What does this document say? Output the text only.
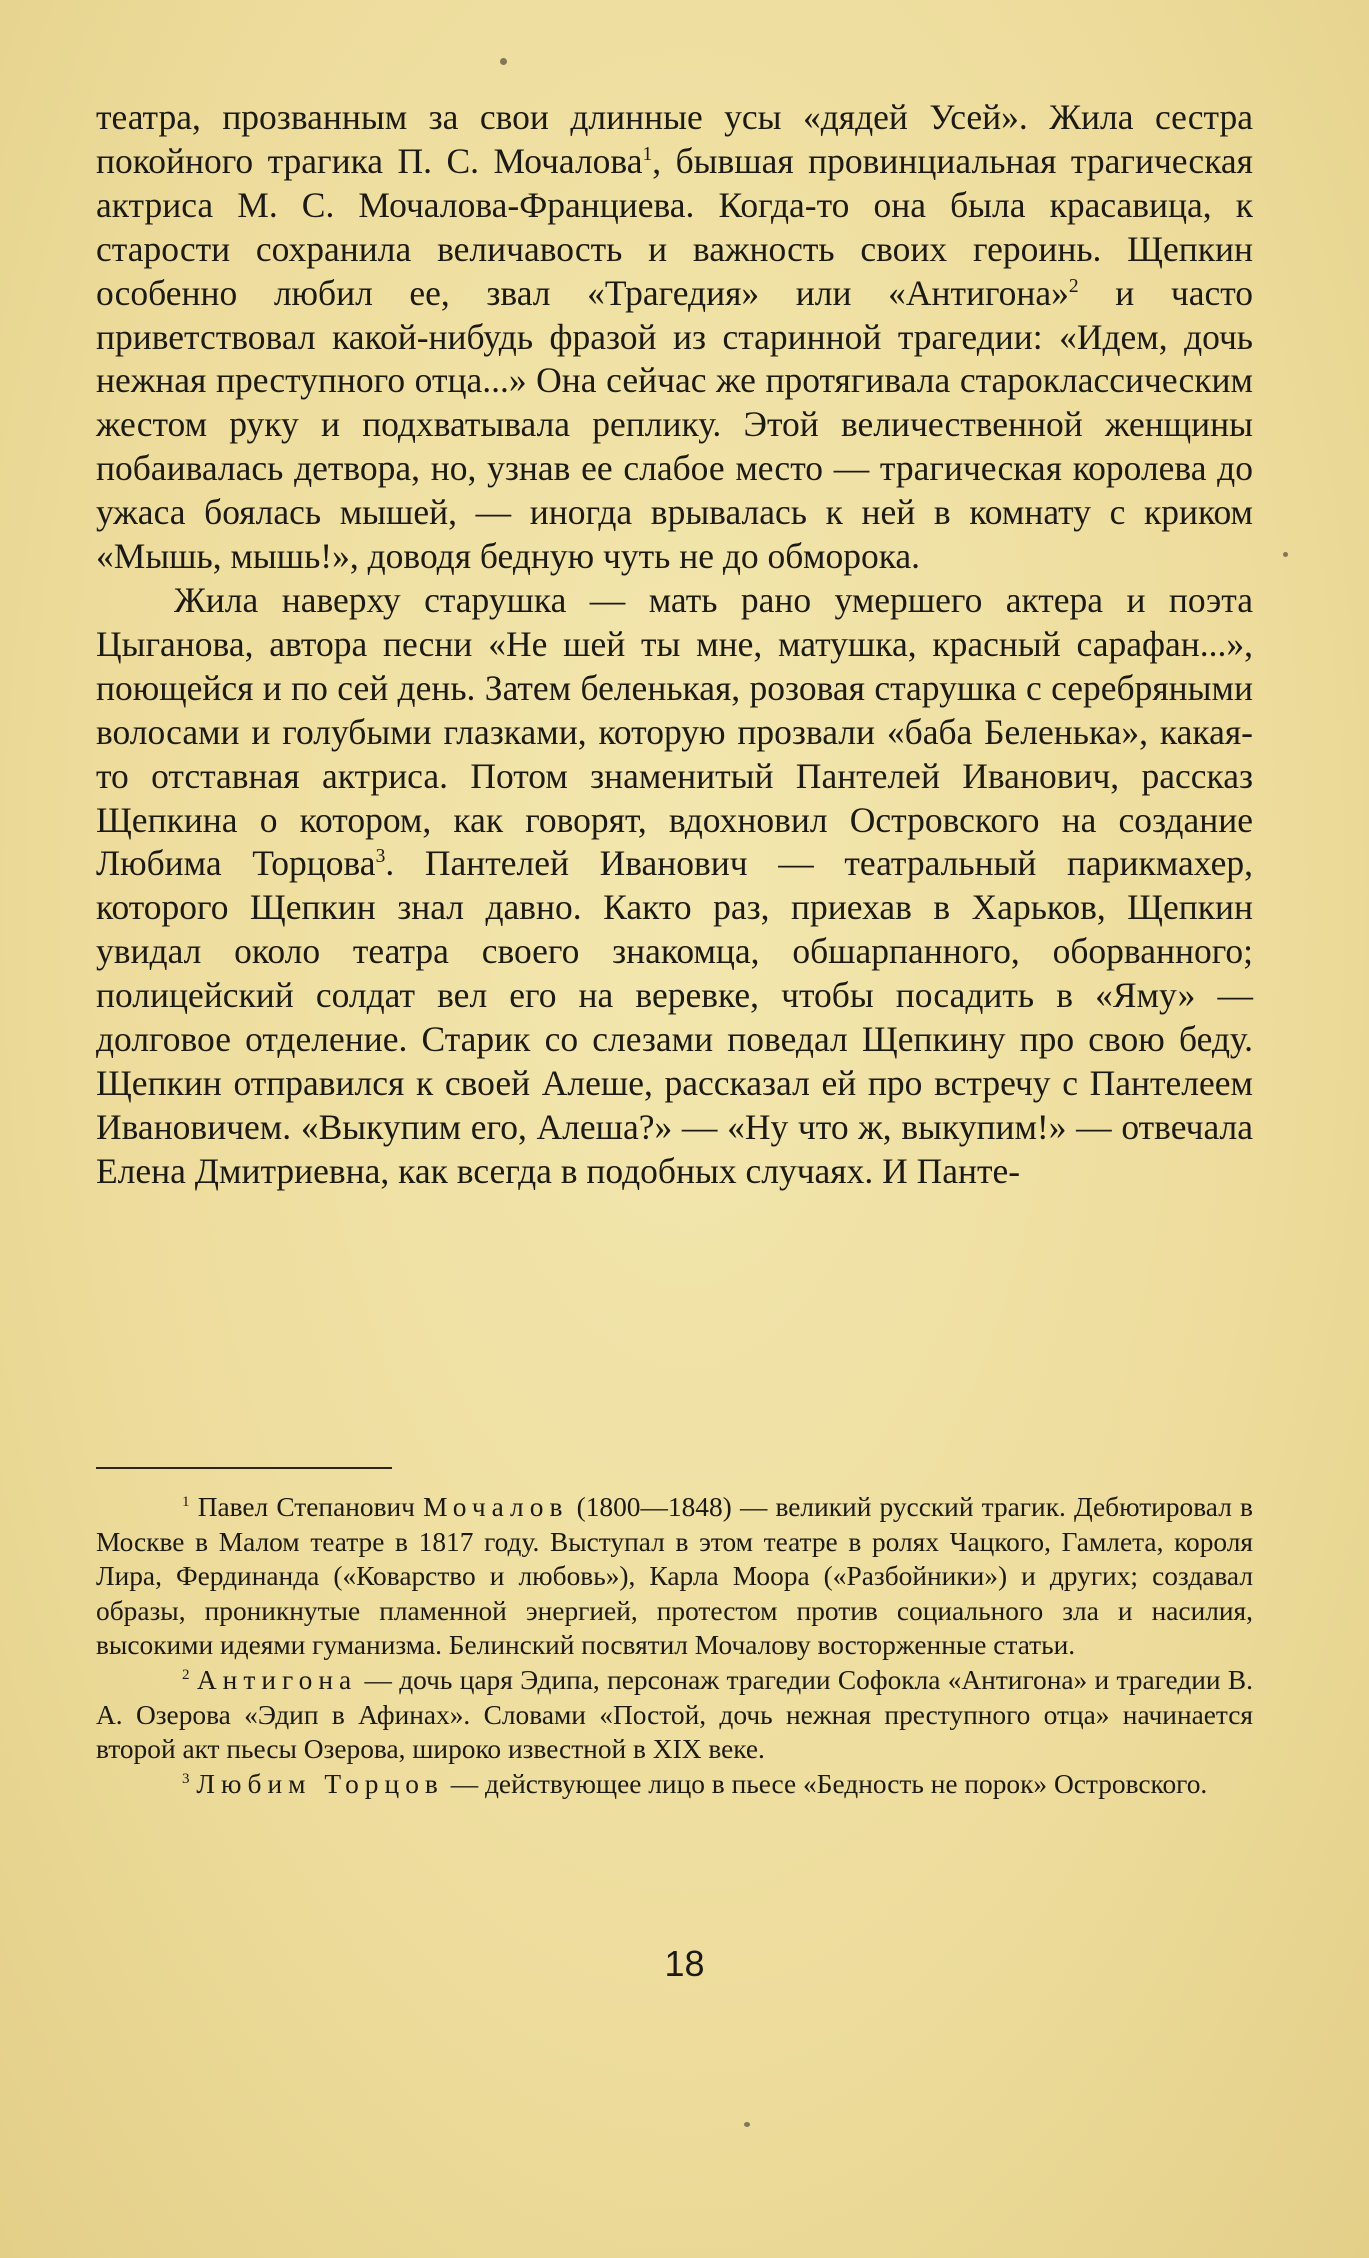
театра, прозванным за свои длинные усы «дядей Усей». Жила сестра покойного трагика П. С. Мочалова$^1$, бывшая провинциальная трагическая актриса М. С. Мочалова-Франциева. Когда-то она была красавица, к старости сохранила величавость и важность своих героинь. Щепкин особенно любил ее, звал «Трагедия» или «Антигона»$^2$ и часто приветствовал какой-нибудь фразой из старинной трагедии: «Идем, дочь нежная преступного отца...» Она сейчас же протягивала староклассическим жестом руку и подхватывала реплику. Этой величественной женщины побаивалась детвора, но, узнав ее слабое место — трагическая королева до ужаса боялась мышей, — иногда врывалась к ней в комнату с криком «Мышь, мышь!», доводя бедную чуть не до обморока.

Жила наверху старушка — мать рано умершего актера и поэта Цыганова, автора песни «Не шей ты мне, матушка, красный сарафан...», поющейся и по сей день. Затем беленькая, розовая старушка с серебряными волосами и голубыми глазками, которую прозвали «баба Беленька», какая-то отставная актриса. Потом знаменитый Пантелей Иванович, рассказ Щепкина о котором, как говорят, вдохновил Островского на создание Любима Торцова$^3$. Пантелей Иванович — театральный парикмахер, которого Щепкин знал давно. Както раз, приехав в Харьков, Щепкин увидал около театра своего знакомца, обшарпанного, оборванного; полицейский солдат вел его на веревке, чтобы посадить в «Яму» — долговое отделение. Старик со слезами поведал Щепкину про свою беду. Щепкин отправился к своей Алеше, рассказал ей про встречу с Пантелеем Ивановичем. «Выкупим его, Алеша?» — «Ну что ж, выкупим!» — отвечала Елена Дмитриевна, как всегда в подобных случаях. И Панте-

$^1$ Павел Степанович Мочалов (1800—1848) — великий русский трагик. Дебютировал в Москве в Малом театре в 1817 году. Выступал в этом театре в ролях Чацкого, Гамлета, короля Лира, Фердинанда («Коварство и любовь»), Карла Моора («Разбойники») и других; создавал образы, проникнутые пламенной энергией, протестом против социального зла и насилия, высокими идеями гуманизма. Белинский посвятил Мочалову восторженные статьи.

$^2$ Антигона — дочь царя Эдипа, персонаж трагедии Софокла «Антигона» и трагедии В. А. Озерова «Эдип в Афинах». Словами «Постой, дочь нежная преступного отца» начинается второй акт пьесы Озерова, широко известной в XIX веке.

$^3$ Любим Торцов — действующее лицо в пьесе «Бедность не порок» Островского.

18
